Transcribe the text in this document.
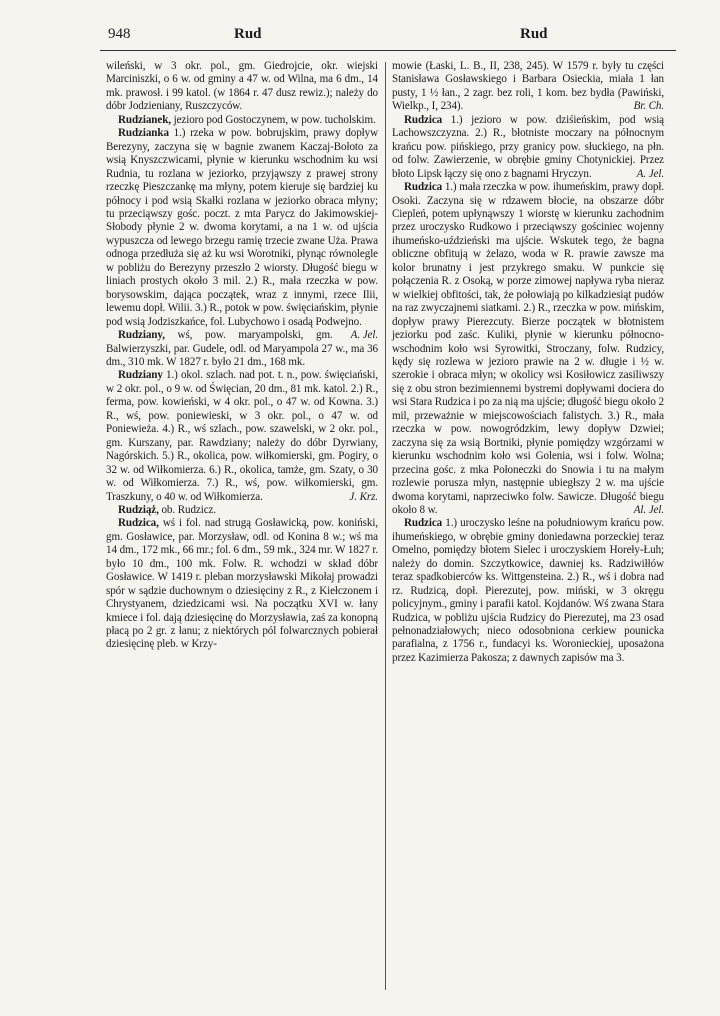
948	Rud	Rud

wileński, w 3 okr. pol., gm. Giedrojcie, okr. wiejski Marciniszki, o 6 w. od gminy a 47 w. od Wilna, ma 6 dm., 14 mk. prawosł. i 99 katol. (w 1864 r. 47 dusz rewiz.); należy do dóbr Jodzieniany, Ruszczyców.

Rudzianek, jezioro pod Gostoczynem, w pow. tucholskim.

Rudzianka 1.) rzeka w pow. bobrujskim, prawy dopływ Berezyny, zaczyna się w bagnie zwanem Kaczaj-Bołoto za wsią Knyszczwicami, płynie w kierunku wschodnim ku wsi Rudnia, tu rozlana w jeziorko, przyjąwszy z prawej strony rzeczkę Pieszczankę ma młyny, potem kieruje się bardziej ku północy i pod wsią Skałki rozlana w jeziorko obraca młyny; tu przeciąwszy gośc. poczt. z mta Parycz do Jakimowskiej-Słobody płynie 2 w. dwoma korytami, a na 1 w. od ujścia wypuszcza od lewego brzegu ramię trzecie zwane Uża. Prawa odnoga przedłuża się aż ku wsi Worotniki, płynąc równolegle w pobliżu do Berezyny przeszło 2 wiorsty. Długość biegu w liniach prostych około 3 mil. 2.) R., mała rzeczka w pow. borysowskim, dająca początek, wraz z innymi, rzece Ilii, lewemu dopł. Wilii. 3.) R., potok w pow. święciańskim, płynie pod wsią Jodziszkańce, fol. Lubychowo i osadą Podwejno.
A. Jel.

Rudziany, wś, pow. maryampolski, gm. Balwierzyszki, par. Gudele, odl. od Maryampola 27 w., ma 36 dm., 310 mk. W 1827 r. było 21 dm., 168 mk.

Rudziany 1.) okol. szlach. nad pot. t. n., pow. święciański, w 2 okr. pol., o 9 w. od Święcian, 20 dm., 81 mk. katol. 2.) R., ferma, pow. kowieński, w 4 okr. pol., o 47 w. od Kowna. 3.) R., wś, pow. poniewieski, w 3 okr. pol., o 47 w. od Poniewieża. 4.) R., wś szlach., pow. szawelski, w 2 okr. pol., gm. Kurszany, par. Rawdziany; należy do dóbr Dyrwiany, Nagórskich. 5.) R., okolica, pow. wiłkomierski, gm. Pogiry, o 32 w. od Wiłkomierza. 6.) R., okolica, tamże, gm. Szaty, o 30 w. od Wiłkomierza. 7.) R., wś, pow. wiłkomierski, gm. Traszkuny, o 40 w. od Wiłkomierza.	J. Krz.

Rudziąż, ob. Rudzicz.

Rudzica, wś i fol. nad strugą Gosławicką, pow. koniński, gm. Gosławice, par. Morzysław, odl. od Konina 8 w.; wś ma 14 dm., 172 mk., 66 mr.; fol. 6 dm., 59 mk., 324 mr. W 1827 r. było 10 dm., 100 mk. Folw. R. wchodzi w skład dóbr Gosławice. W 1419 r. pleban morzysławski Mikołaj prowadzi spór w sądzie duchownym o dziesięciny z R., z Kiełczonem i Chrystyanem, dziedzicami wsi. Na początku XVI w. łany kmiece i fol. dają dziesięcinę do Morzysławia, zaś za konopną płacą po 2 gr. z łanu; z niektórych pól folwarcznych pobierał dziesięcinę pleb. w Krzy-

mowie (Łaski, L. B., II, 238, 245). W 1579 r. były tu części Stanisława Gosławskiego i Barbara Osieckia, miała 1 łan pusty, 1 ½ łan., 2 zagr. bez roli, 1 kom. bez bydła (Pawiński, Wielkp., I, 234).	Br. Ch.

Rudzica 1.) jezioro w pow. dziśieńskim, pod wsią Lachowszczyzna. 2.) R., błotniste moczary na północnym krańcu pow. pińskiego, przy granicy pow. słuckiego, na płn. od folw. Zawierzenie, w obrębie gminy Chotynickiej. Przez błoto Lipsk łączy się ono z bagnami Hryczyn.	A. Jel.

Rudzica 1.) mała rzeczka w pow. ihumeńskim, prawy dopł. Osoki. Zaczyna się w rdzawem błocie, na obszarze dóbr Ciepleń, potem upłynąwszy 1 wiorstę w kierunku zachodnim przez uroczysko Rudkowo i przeciąwszy gościniec wojenny ihumeńsko-uździeński ma ujście. Wskutek tego, że bagna obliczne obfitują w żelazo, woda w R. prawie zawsze ma kolor brunatny i jest przykrego smaku. W punkcie się połączenia R. z Osoką, w porze zimowej napływa ryba nieraz w wielkiej obfitości, tak, że połowiają po kilkadziesiąt pudów na raz zwyczajnemi siatkami. 2.) R., rzeczka w pow. mińskim, dopływ prawy Pierezcuty. Bierze początek w błotnistem jeziorku pod zaśc. Kuliki, płynie w kierunku północno-wschodnim koło wsi Syrowitki, Stroczany, folw. Rudzicy, kędy się rozlewa w jezioro prawie na 2 w. długie i ½ w. szerokie i obraca młyn; w okolicy wsi Kosiłowicz zasiliwszy się z obu stron bezimiennemi bystremi dopływami dociera do wsi Stara Rudzica i po za nią ma ujście; długość biegu około 2 mil, przeważnie w miejscowościach falistych. 3.) R., mała rzeczka w pow. nowogródzkim, lewy dopływ Dzwiei; zaczyna się za wsią Bortniki, płynie pomiędzy wzgórzami w kierunku wschodnim koło wsi Golenia, wsi i folw. Wolna; przecina gośc. z mka Połoneczki do Snowia i tu na małym rozlewie porusza młyn, następnie ubiegłszy 2 w. ma ujście dwoma korytami, naprzeciwko folw. Sawicze. Długość biegu około 8 w.	Al. Jel.

Rudzica 1.) uroczysko leśne na południowym krańcu pow. ihumeńskiego, w obrębie gminy doniedawna porzeckiej teraz Omelno, pomiędzy błotem Sielec i uroczyskiem Horeły-Łuh; należy do domin. Szczytkowice, dawniej ks. Radziwiłłów teraz spadkobierców ks. Wittgensteina. 2.) R., wś i dobra nad rz. Rudzicą, dopł. Pierezutej, pow. miński, w 3 okręgu policyjnym., gminy i parafii katol. Kojdanów. Wś zwana Stara Rudzica, w pobliżu ujścia Rudzicy do Pierezutej, ma 23 osad pełnonadziałowych; nieco odosobniona cerkiew pounicka parafialna, z 1756 r., fundacyi ks. Woronieckiej, uposażona przez Kazimierza Pakosza; z dawnych zapisów ma 3.
